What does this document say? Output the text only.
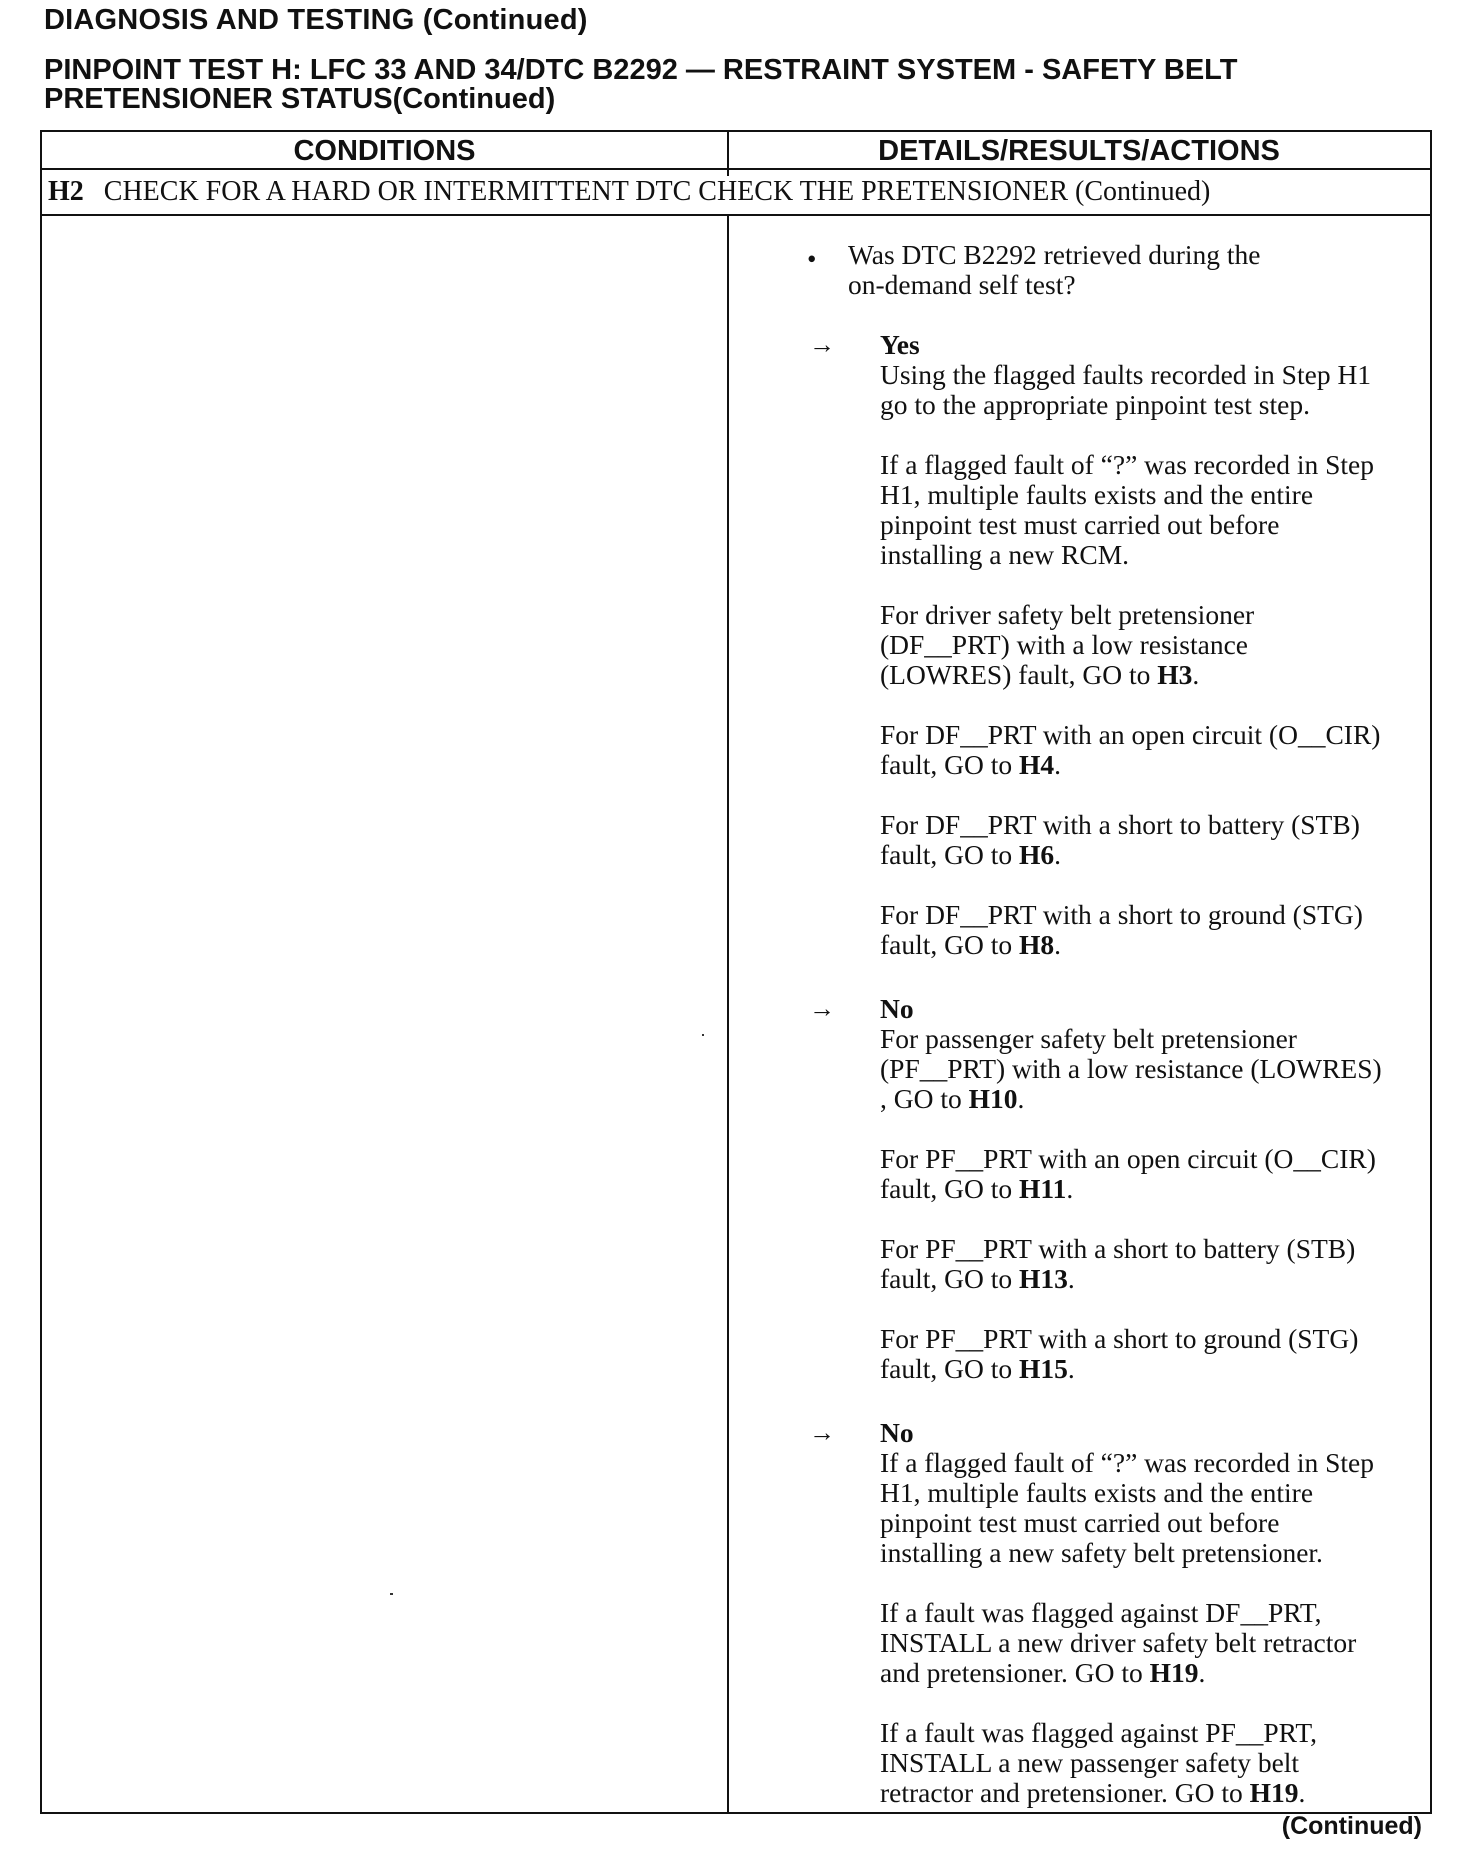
DIAGNOSIS AND TESTING (Continued)
PINPOINT TEST H: LFC 33 AND 34/DTC B2292 — RESTRAINT SYSTEM - SAFETY BELT
PRETENSIONER STATUS(Continued)
CONDITIONS	DETAILS/RESULTS/ACTIONS
H2 CHECK FOR A HARD OR INTERMITTENT DTC CHECK THE PRETENSIONER (Continued)
• Was DTC B2292 retrieved during the

on-demand self test?

→ Yes

Using the flagged faults recorded in Step H1

go to the appropriate pinpoint test step.

If a flagged fault of “?” was recorded in Step

H1, multiple faults exists and the entire

pinpoint test must carried out before

installing a new RCM.

For driver safety belt pretensioner

(DF__PRT) with a low resistance

(LOWRES) fault, GO to H3.

For DF__PRT with an open circuit (O__CIR)

fault, GO to H4.

For DF__PRT with a short to battery (STB)

fault, GO to H6.

For DF__PRT with a short to ground (STG)

fault, GO to H8.

→ No

For passenger safety belt pretensioner

(PF__PRT) with a low resistance (LOWRES)

, GO to H10.

For PF__PRT with an open circuit (O__CIR)

fault, GO to H11.

For PF__PRT with a short to battery (STB)

fault, GO to H13.

For PF__PRT with a short to ground (STG)

fault, GO to H15.

→ No

If a flagged fault of “?” was recorded in Step

H1, multiple faults exists and the entire

pinpoint test must carried out before

installing a new safety belt pretensioner.

If a fault was flagged against DF__PRT,

INSTALL a new driver safety belt retractor

and pretensioner. GO to H19.

If a fault was flagged against PF__PRT,

INSTALL a new passenger safety belt

retractor and pretensioner. GO to H19.

(Continued)
